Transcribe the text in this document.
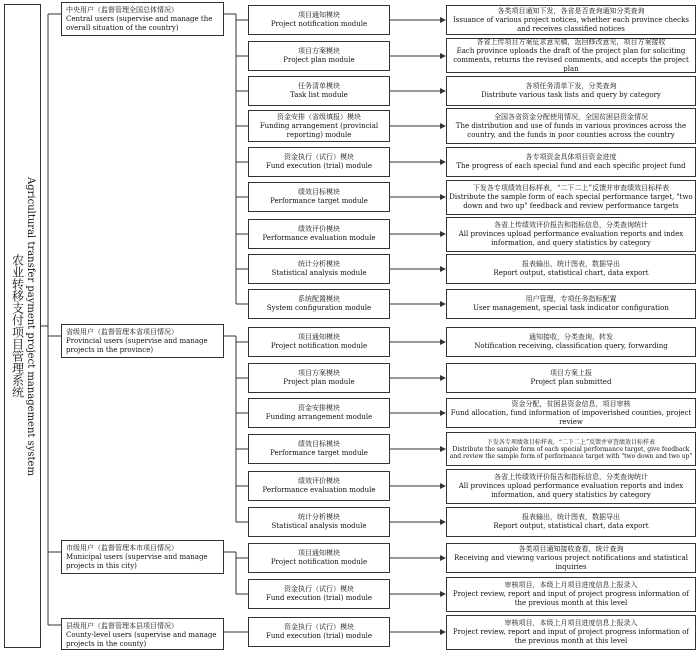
农业转移支付项目管理系统 Agricultural transfer payment project management system
中央用户（监督管理全国总体情况）
Central users (supervise and manage the overall situation of the country)
省级用户（监督管理本省项目情况）
Provincial users (supervise and manage projects in the province)
市级用户（监督管理本市项目情况）
Municipal users (supervise and manage projects in this city)
县级用户（监督管理本县项目情况）
County-level users (supervise and manage projects in the county)
项目通知模块
Project notification module
项目方案模块
Project plan module
任务清单模块
Task list module
资金安排（省级填报）模块
Funding arrangement (provincial reporting) module
资金执行（试行）模块
Fund execution (trial) module
绩效目标模块
Performance target module
绩效评价模块
Performance evaluation module
统计分析模块
Statistical analysis module
系统配置模块
System configuration module
各类项目通知下发，各省是否查询通知分类查询
Issuance of various project notices, whether each province checks and receives classified notices
各省上传项目方案征求意见稿，返回修改意见，项目方案接收
Each province uploads the draft of the project plan for soliciting comments, returns the revised comments, and accepts the project plan
各项任务清单下发，分类查询
Distribute various task lists and query by category
全国各省资金分配使用情况，全国贫困县资金情况
The distribution and use of funds in various provinces across the country, and the funds in poor counties across the country
各专项资金具体项目资金进度
The progress of each special fund and each specific project fund
下发各专项绩效目标样表，“二下二上”反馈并审查绩效目标样表
Distribute the sample form of each special performance target, "two down and two up" feedback and review performance targets
各省上传绩效评价报告和指标信息，分类查询统计
All provinces upload performance evaluation reports and index information, and query statistics by category
报表输出，统计图表，数据导出
Report output, statistical chart, data export
用户管理，专项任务指标配置
User management, special task indicator configuration
项目通知模块
Project notification module
项目方案模块
Project plan module
资金安排模块
Funding arrangement module
绩效目标模块
Performance target module
绩效评价模块
Performance evaluation module
统计分析模块
Statistical analysis module
通知接收，分类查询，转发
Notification receiving, classification query, forwarding
项目方案上报
Project plan submitted
资金分配，贫困县资金信息，项目审核
Fund allocation, fund information of impoverished counties, project review
下发各专项绩效目标样表，“二下二上”反馈并审查绩效目标样表
Distribute the sample form of each special performance target, give feedback and review the sample form of performance target with "two down and two up"
各省上传绩效评价报告和指标信息，分类查询统计
All provinces upload performance evaluation reports and index information, and query statistics by category
报表输出，统计图表，数据导出
Report output, statistical chart, data export
项目通知模块
Project notification module
资金执行（试行）模块
Fund execution (trial) module
各类项目通知接收查看，统计查询
Receiving and viewing various project notifications and statistical inquiries
审核项目，本级上月项目进度信息上报录入
Project review, report and input of project progress information of the previous month at this level
资金执行（试行）模块
Fund execution (trial) module
审核项目，本级上月项目进度信息上报录入
Project review, report and input of project progress information of the previous month at this level
